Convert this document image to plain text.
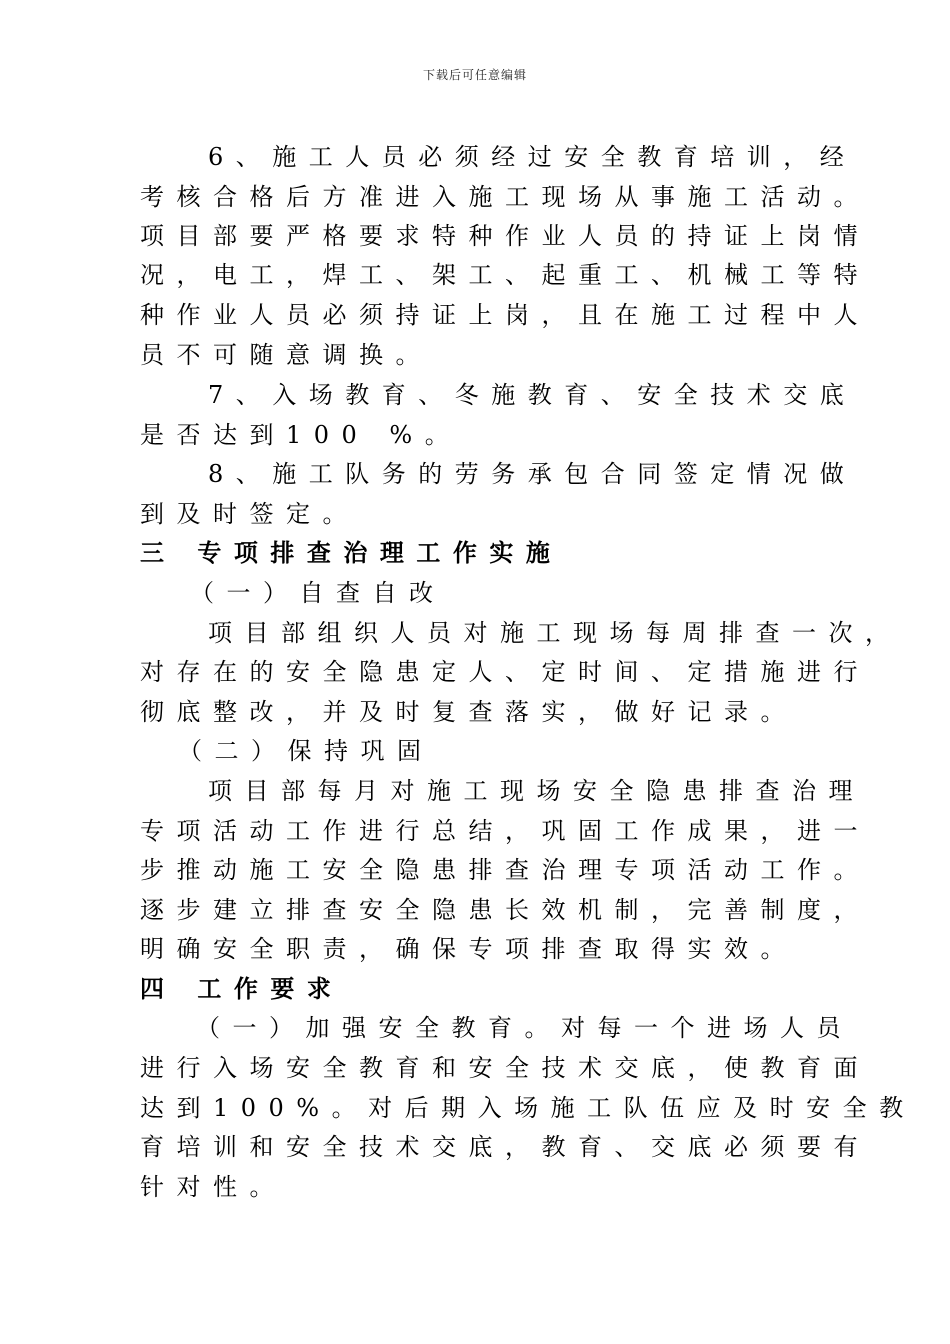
下载后可任意编辑
6、施工人员必须经过安全教育培训，经
考核合格后方准进入施工现场从事施工活动。
项目部要严格要求特种作业人员的持证上岗情
况，电工，焊工、架工、起重工、机械工等特
种作业人员必须持证上岗，且在施工过程中人
员不可随意调换。
7、入场教育、冬施教育、安全技术交底
是否达到100 %。
8、施工队务的劳务承包合同签定情况做
到及时签定。
三 专项排查治理工作实施
（一）自查自改
项目部组织人员对施工现场每周排查一次，
对存在的安全隐患定人、定时间、定措施进行
彻底整改，并及时复查落实，做好记录。
（二）保持巩固
项目部每月对施工现场安全隐患排查治理
专项活动工作进行总结，巩固工作成果，进一
步推动施工安全隐患排查治理专项活动工作。
逐步建立排查安全隐患长效机制，完善制度，
明确安全职责，确保专项排查取得实效。
四 工作要求
（一）加强安全教育。对每一个进场人员
进行入场安全教育和安全技术交底，使教育面
达到100%。对后期入场施工队伍应及时安全教
育培训和安全技术交底，教育、交底必须要有
针对性。
